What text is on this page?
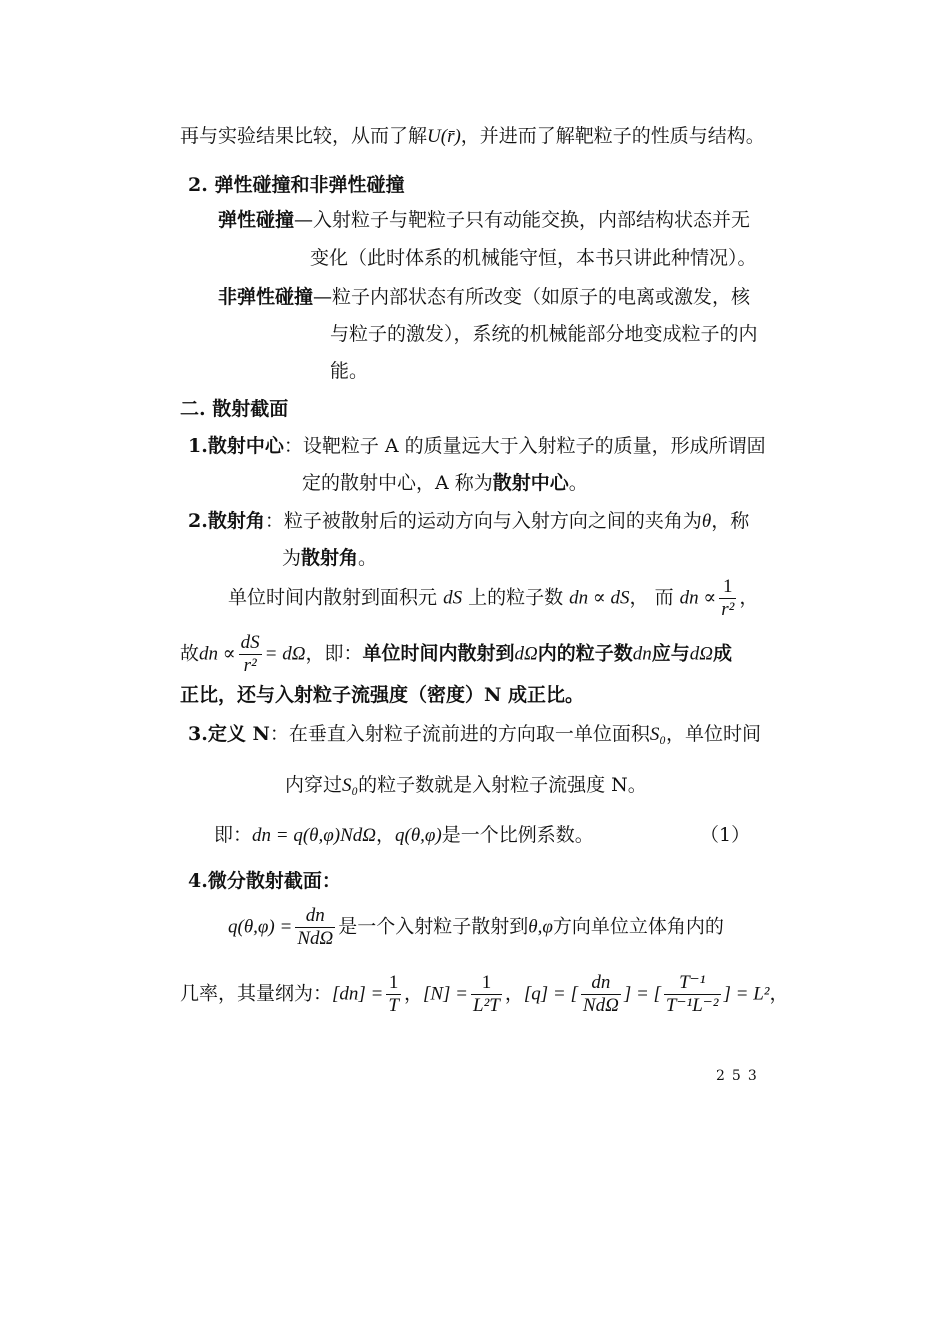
再与实验结果比较，从而了解U(r̄)，并进而了解靶粒子的性质与结构。
2. 弹性碰撞和非弹性碰撞
弹性碰撞—入射粒子与靶粒子只有动能交换，内部结构状态并无
变化（此时体系的机械能守恒，本书只讲此种情况）。
非弹性碰撞—粒子内部状态有所改变（如原子的电离或激发，核
与粒子的激发），系统的机械能部分地变成粒子的内
能。
二. 散射截面
1.散射中心：设靶粒子 A 的质量远大于入射粒子的质量，形成所谓固
定的散射中心，A 称为散射中心。
2.散射角：粒子被散射后的运动方向与入射方向之间的夹角为θ，称
为散射角。
单位时间内散射到面积元 dS 上的粒子数 dn ∝ dS， 而 dn ∝ $\frac{1}{\text{r²}}$ ，
故dn ∝ $\frac{dS}{\text{r²}} = d\Omega$，即：单位时间内散射到dΩ内的粒子数dn应与dΩ成
正比，还与入射粒子流强度（密度）N 成正比。
3.定义 N：在垂直入射粒子流前进的方向取一单位面积S₀，单位时间
内穿过S₀的粒子数就是入射粒子流强度 N。
即：dn = q(θ,φ)NdΩ，q(θ,φ)是一个比例系数。	（1）
4.微分散射截面：
$q(\theta,\varphi) = \frac{dn}{\text{NdΩ}}$ 是一个入射粒子散射到θ,φ方向单位立体角内的
几率，其量纲为：$[dn] = \frac{1}{T}$ ，$[N] = \frac{1}{\text{L²T}}$ ，[q] = [ $\frac{dn}{\text{NdΩ}}$ ] = [ $\frac{\text{T⁻¹}}{\text{T⁻¹L⁻²}}$ ] = L²，
253
